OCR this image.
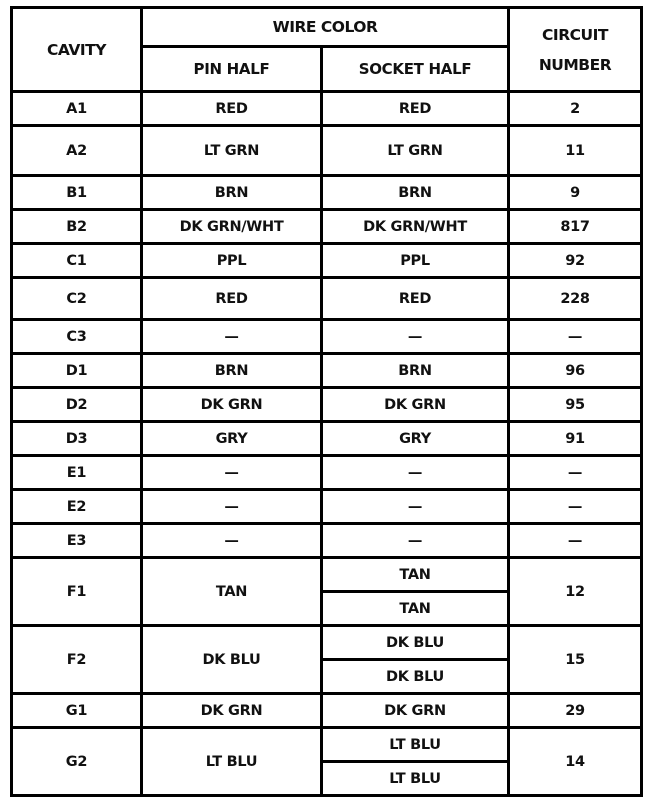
CAVITY	WIRE COLOR		CIRCUIT
NUMBER
	PIN HALF	SOCKET HALF	
A1	RED	RED	2
A2	LT GRN	LT GRN	11
B1	BRN	BRN	9
B2	DK GRN/WHT	DK GRN/WHT	817
C1	PPL	PPL	92
C2	RED	RED	228
C3	—	—	—
D1	BRN	BRN	96
D2	DK GRN	DK GRN	95
D3	GRY	GRY	91
E1	—	—	—
E2	—	—	—
E3	—	—	—
F1	TAN	TAN	12
		TAN	
F2	DK BLU	DK BLU	15
		DK BLU	
G1	DK GRN	DK GRN	29
G2	LT BLU	LT BLU	14
		LT BLU	
